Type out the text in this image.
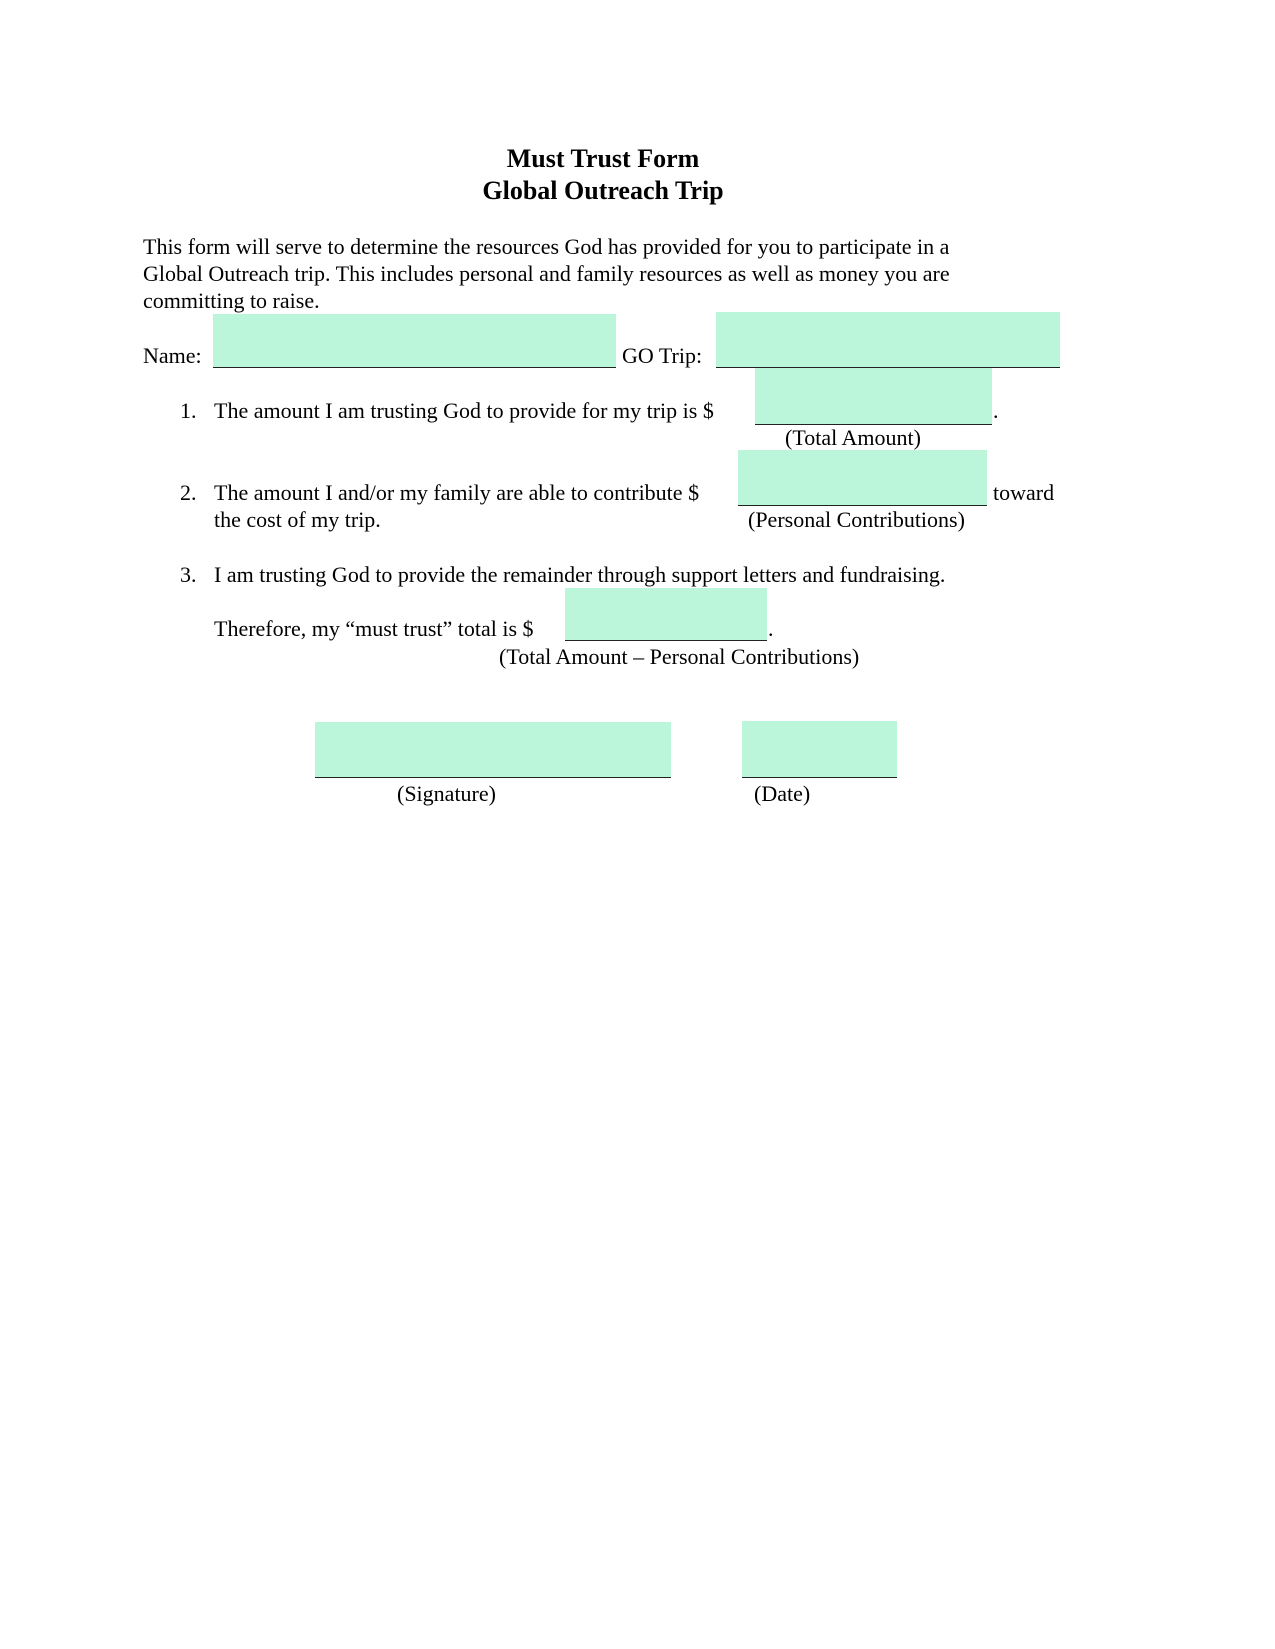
Must Trust Form
Global Outreach Trip
This form will serve to determine the resources God has provided for you to participate in a
Global Outreach trip. This includes personal and family resources as well as money you are
committing to raise.
Name:	GO Trip:
1. The amount I am trusting God to provide for my trip is $	.
(Total Amount)
2. The amount I and/or my family are able to contribute $	toward
the cost of my trip.	(Personal Contributions)
3. I am trusting God to provide the remainder through support letters and fundraising.
Therefore, my “must trust” total is $	.
(Total Amount – Personal Contributions)
(Signature)	(Date)
